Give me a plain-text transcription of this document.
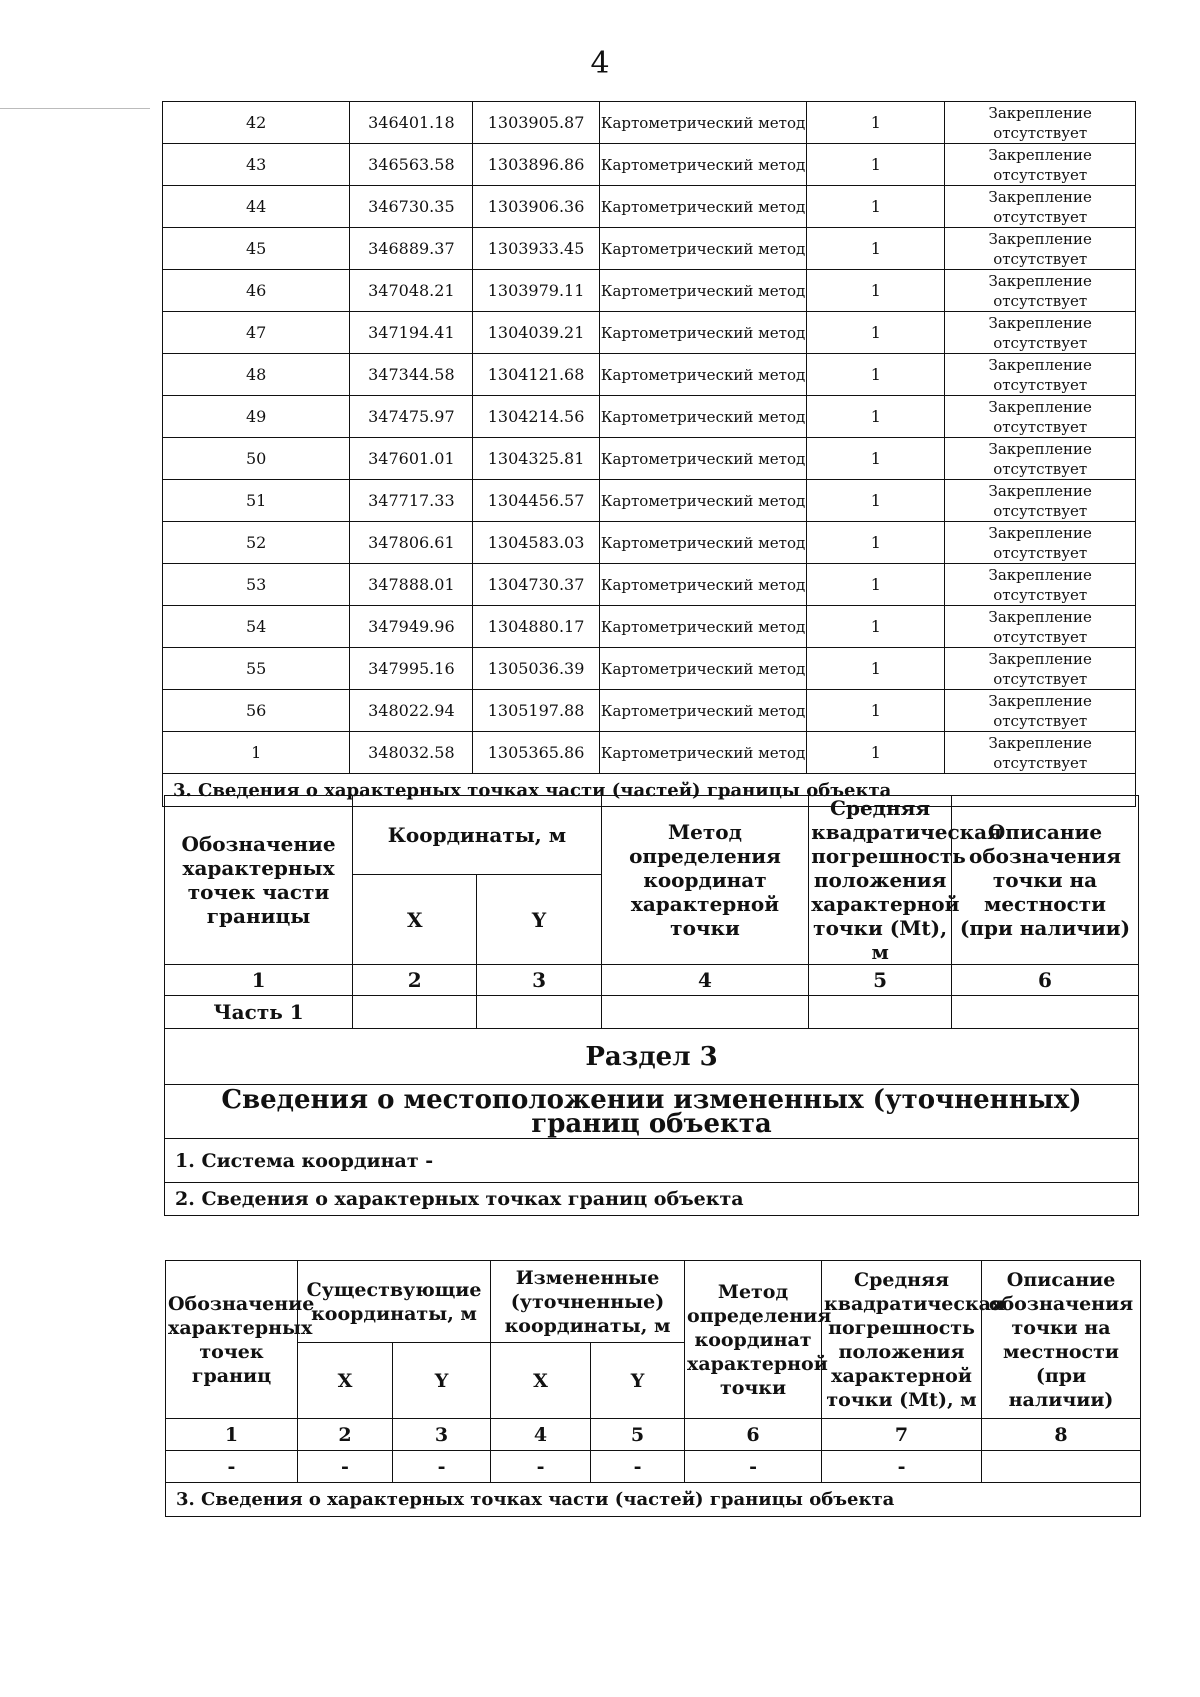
4
42	346401.18	1303905.87	Картометрический метод	1	Закрепление отсутствует
43	346563.58	1303896.86	Картометрический метод	1	Закрепление отсутствует
44	346730.35	1303906.36	Картометрический метод	1	Закрепление отсутствует
45	346889.37	1303933.45	Картометрический метод	1	Закрепление отсутствует
46	347048.21	1303979.11	Картометрический метод	1	Закрепление отсутствует
47	347194.41	1304039.21	Картометрический метод	1	Закрепление отсутствует
48	347344.58	1304121.68	Картометрический метод	1	Закрепление отсутствует
49	347475.97	1304214.56	Картометрический метод	1	Закрепление отсутствует
50	347601.01	1304325.81	Картометрический метод	1	Закрепление отсутствует
51	347717.33	1304456.57	Картометрический метод	1	Закрепление отсутствует
52	347806.61	1304583.03	Картометрический метод	1	Закрепление отсутствует
53	347888.01	1304730.37	Картометрический метод	1	Закрепление отсутствует
54	347949.96	1304880.17	Картометрический метод	1	Закрепление отсутствует
55	347995.16	1305036.39	Картометрический метод	1	Закрепление отсутствует
56	348022.94	1305197.88	Картометрический метод	1	Закрепление отсутствует
1	348032.58	1305365.86	Картометрический метод	1	Закрепление отсутствует
3. Сведения о характерных точках части (частей) границы объекта					
Обозначение характерных точек части границы	Координаты, м		Метод определения координат характерной точки	Средняя квадратическая погрешность положения характерной точки (Mt), м	Описание обозначения точки на местности (при наличии)
	X	Y			
1	2	3	4	5	6
Часть 1					
Раздел 3					
Сведения о местоположении измененных (уточненных) границ объекта					
1. Система координат -					
2. Сведения о характерных точках границ объекта					
Обозначение характерных точек границ	Существующие координаты, м		Измененные (уточненные) координаты, м		Метод определения координат характерной точки	Средняя квадратическая погрешность положения характерной точки (Mt), м	Описание обозначения точки на местности (при наличии)
	X	Y	X	Y			
1	2	3	4	5	6	7	8
-	-	-	-	-	-	-	
3. Сведения о характерных точках части (частей) границы объекта							
